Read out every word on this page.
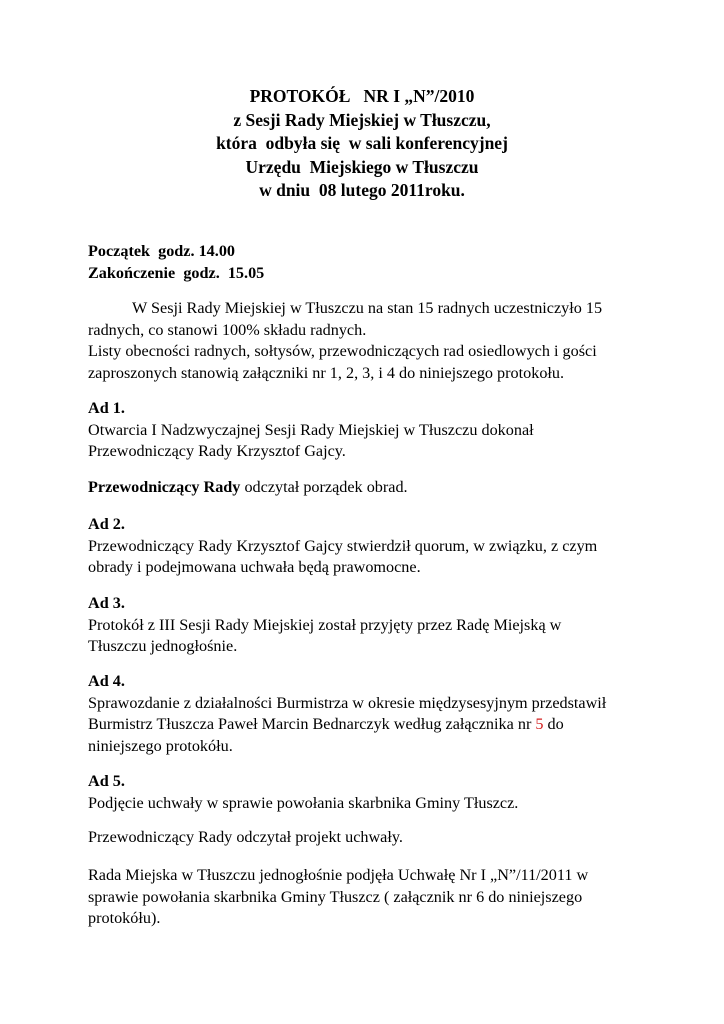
PROTOKÓŁ   NR I „N”/2010
z Sesji Rady Miejskiej w Tłuszczu,
która  odbyła się  w sali konferencyjnej
Urzędu  Miejskiego w Tłuszczu
w dniu  08 lutego 2011roku.
Początek  godz. 14.00
Zakończenie  godz.  15.05
W Sesji Rady Miejskiej w Tłuszczu na stan 15 radnych uczestniczyło 15
radnych, co stanowi 100% składu radnych.
Listy obecności radnych, sołtysów, przewodniczących rad osiedlowych i gości
zaproszonych stanowią załączniki nr 1, 2, 3, i 4 do niniejszego protokołu.
Ad 1.
Otwarcia I Nadzwyczajnej Sesji Rady Miejskiej w Tłuszczu dokonał
Przewodniczący Rady Krzysztof Gajcy.
Przewodniczący Rady odczytał porządek obrad.
Ad 2.
Przewodniczący Rady Krzysztof Gajcy stwierdził quorum, w związku, z czym
obrady i podejmowana uchwała będą prawomocne.
Ad 3.
Protokół z III Sesji Rady Miejskiej został przyjęty przez Radę Miejską w
Tłuszczu jednogłośnie.
Ad 4.
Sprawozdanie z działalności Burmistrza w okresie międzysesyjnym przedstawił
Burmistrz Tłuszcza Paweł Marcin Bednarczyk według załącznika nr 5 do
niniejszego protokółu.
Ad 5.
Podjęcie uchwały w sprawie powołania skarbnika Gminy Tłuszcz.
Przewodniczący Rady odczytał projekt uchwały.
Rada Miejska w Tłuszczu jednogłośnie podjęła Uchwałę Nr I „N”/11/2011 w
sprawie powołania skarbnika Gminy Tłuszcz ( załącznik nr 6 do niniejszego
protokółu).
